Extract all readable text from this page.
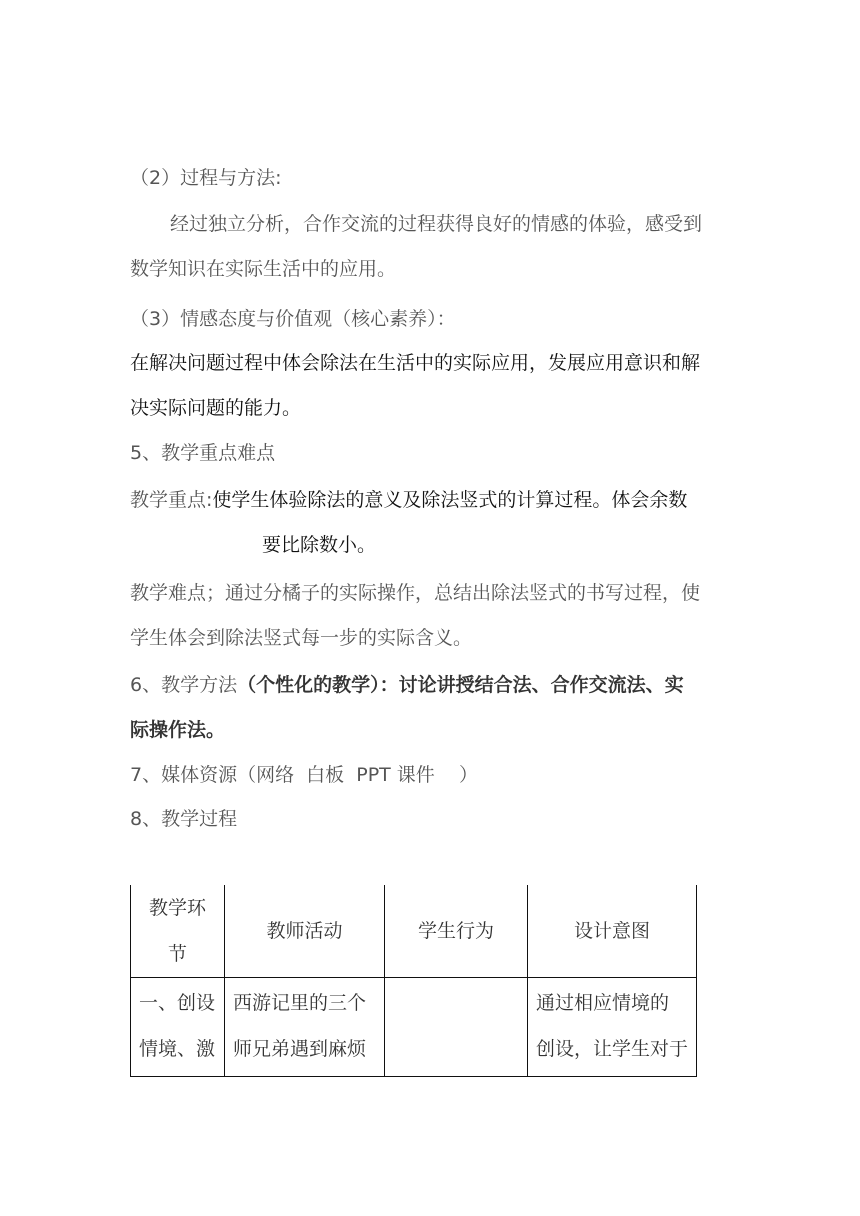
（2）过程与方法:
经过独立分析，合作交流的过程获得良好的情感的体验，感受到
数学知识在实际生活中的应用。
（3）情感态度与价值观（核心素养）：
在解决问题过程中体会除法在生活中的实际应用，发展应用意识和解
决实际问题的能力。
5、教学重点难点
教学重点:使学生体验除法的意义及除法竖式的计算过程。体会余数
要比除数小。
教学难点；通过分橘子的实际操作，总结出除法竖式的书写过程，使
学生体会到除法竖式每一步的实际含义。
6、教学方法（个性化的教学）：讨论讲授结合法、合作交流法、实
际操作法。
7、媒体资源（网络  白板  PPT 课件    ）
8、教学过程
教学环
节	教师活动	学生行为	设计意图

一、创设
情境、激	西游记里的三个
师兄弟遇到麻烦		通过相应情境的
创设，让学生对于
